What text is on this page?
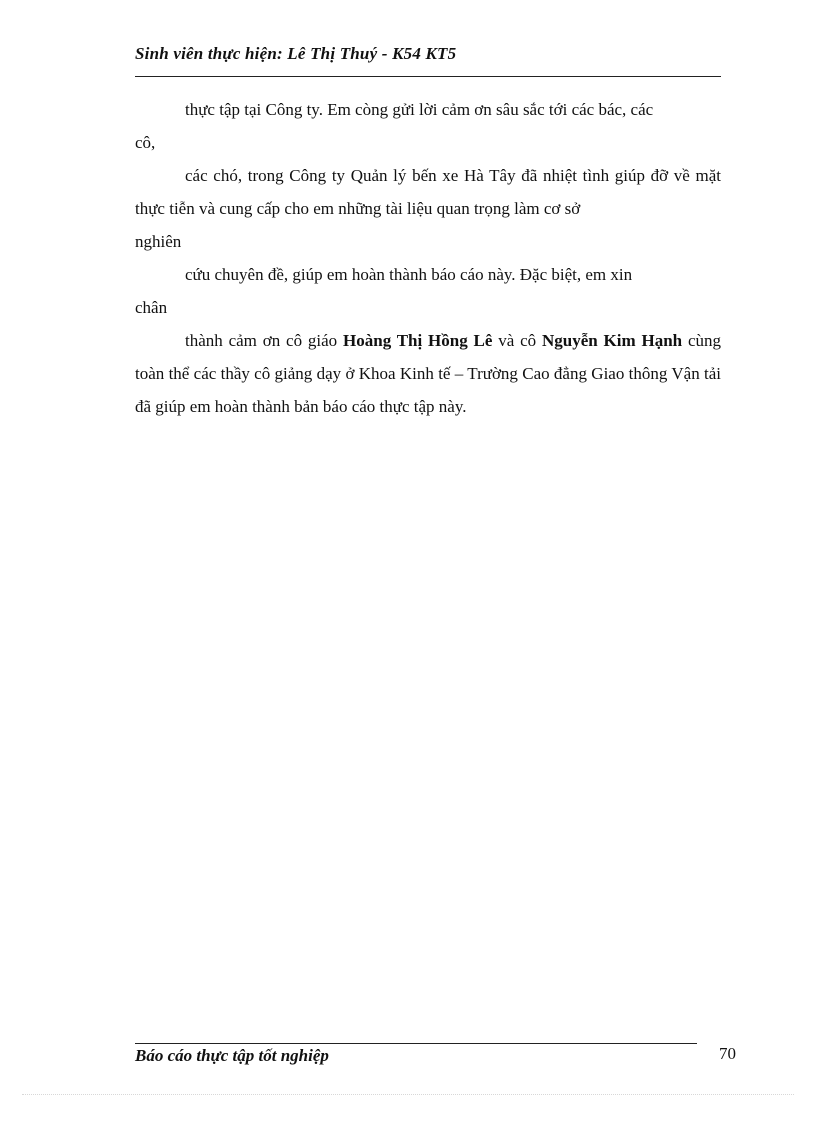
Sinh viên thực hiện: Lê Thị Thuý - K54 KT5

thực tập tại Công ty. Em còng gửi lời cảm ơn sâu sắc tới các bác, các

cô,

các chó, trong Công ty Quản lý bến xe Hà Tây đã nhiệt tình giúp đỡ về mặt thực tiễn và cung cấp cho em những tài liệu quan trọng làm cơ sở

nghiên

cứu chuyên đề, giúp em hoàn thành báo cáo này. Đặc biệt, em xin

chân

thành cảm ơn cô giáo Hoàng Thị Hồng Lê và cô Nguyễn Kim Hạnh cùng toàn thể các thầy cô giảng dạy ở Khoa Kinh tế – Trường Cao đẳng Giao thông Vận tải đã giúp em hoàn thành bản báo cáo thực tập này.

Báo cáo thực tập tốt nghiệp	70
